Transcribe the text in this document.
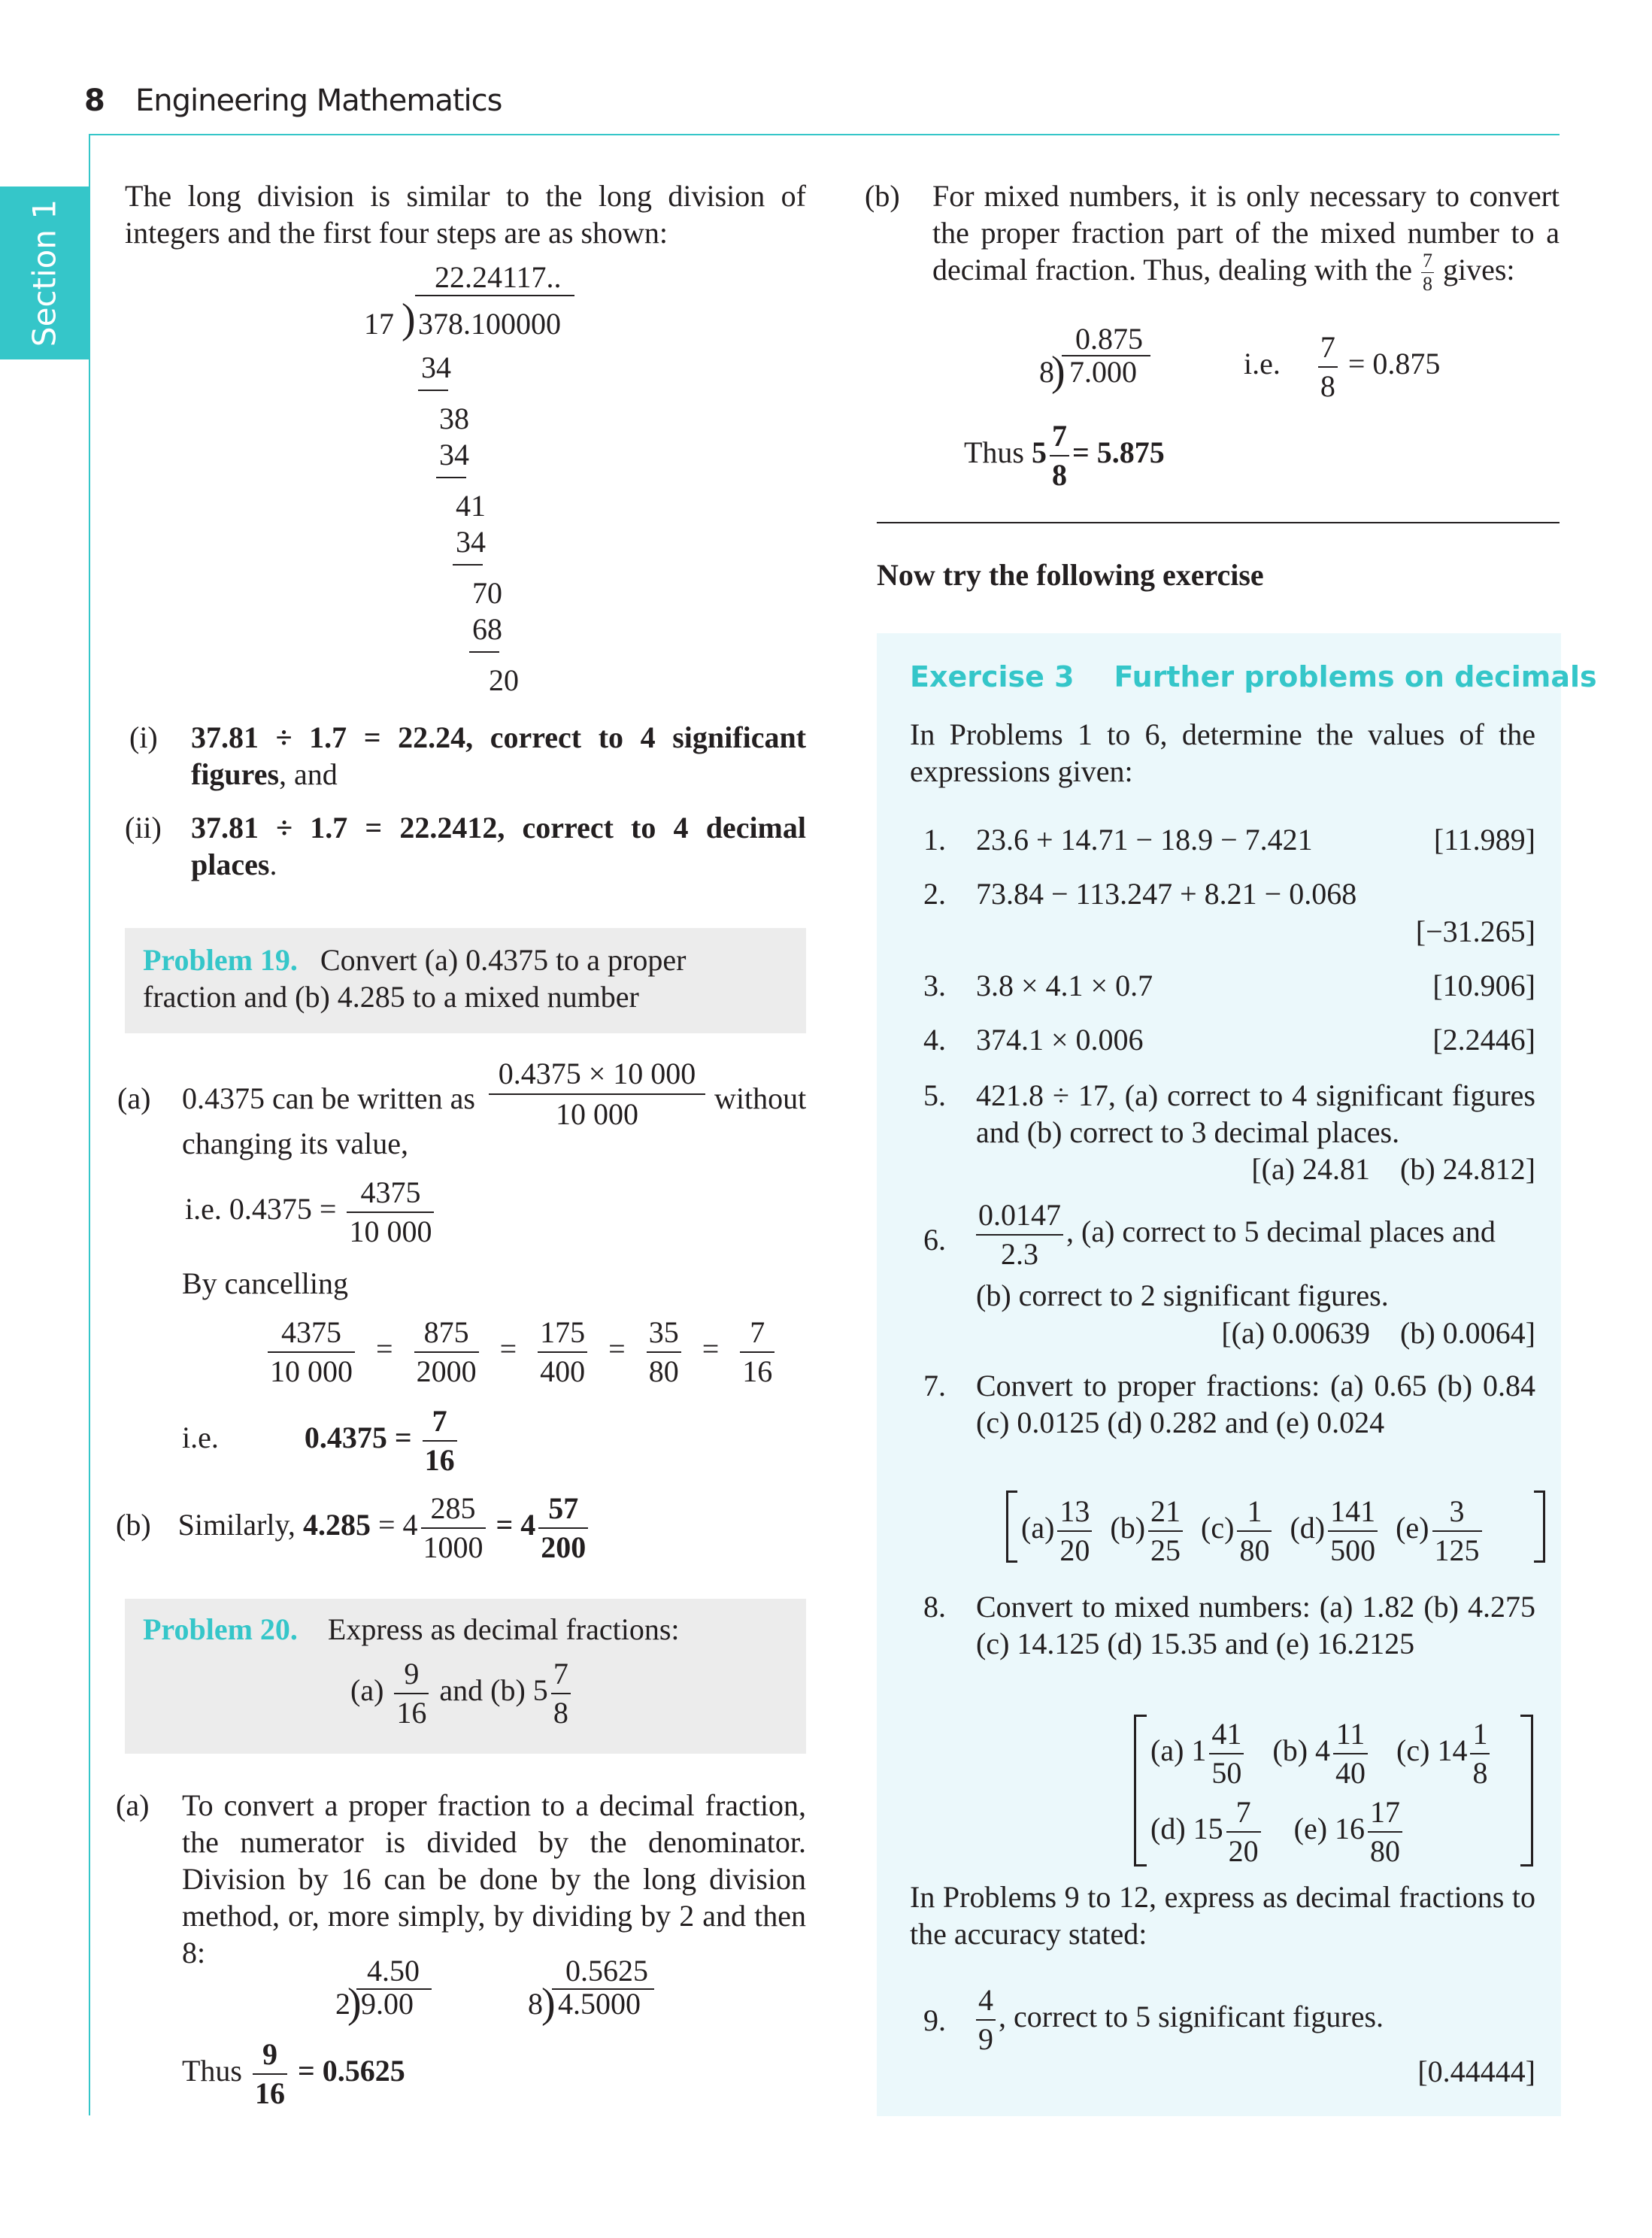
8 Engineering Mathematics
Section 1
The long division is similar to the long division of integers and the first four steps are as shown:
22.24117..
17 ) 378.100000
34
38
34
41
34
70
68
20
(i) 37.81 ÷ 1.7 = 22.24, correct to 4 significant figures, and
(ii) 37.81 ÷ 1.7 = 22.2412, correct to 4 decimal places.
Problem 19. Convert (a) 0.4375 to a proper
fraction and (b) 4.285 to a mixed number
(a) 0.4375 can be written as $\frac{0.4375 \times 10 000}{10 000}$ without
changing its value,
i.e. $0.4375 = \frac{4375}{10 000}$
By cancelling
$\frac{4375}{10 000} = \frac{875}{2000} = \frac{175}{400} = \frac{35}{80} = \frac{7}{16}$
i.e.	$0.4375 = \frac{7}{16}$
(b) Similarly, $4.285 = 4 \frac{285}{1000} = 4 \frac{57}{200}$
Problem 20. Express as decimal fractions:
$(a) \frac{9}{16}$ and (b) $5 \frac{7}{8}$
(a) To convert a proper fraction to a decimal fraction, the numerator is divided by the denominator. Division by 16 can be done by the long division method, or, more simply, by dividing by 2 and then 8:
4.50
2
) 9.00
0.5625
8
) 4.5000
Thus $\frac{9}{16} = 0.5625$
(b) For mixed numbers, it is only necessary to convert the proper fraction part of the mixed number to a decimal fraction. Thus, dealing with the $\frac{7}{8}$ gives:
0.875
8
) 7.000	i.e. $\frac{7}{8} = 0.875$
Thus $5 \frac{7}{8} = 5.875$
Now try the following exercise
Exercise 3    Further problems on decimals
In Problems 1 to 6, determine the values of the expressions given:
1. 23.6 + 14.71 − 18.9 − 7.421	[11.989]
2. 73.84 − 113.247 + 8.21 − 0.068
[−31.265]
3. 3.8 × 4.1 × 0.7	[10.906]
4. 374.1 × 0.006	[2.2446]
5. 421.8 ÷ 17, (a) correct to 4 significant figures and (b) correct to 3 decimal places.
[(a) 24.81    (b) 24.812]
6. $\frac{0.0147}{2.3}$ , (a) correct to 5 decimal places and
(b) correct to 2 significant figures.
[(a) 0.00639    (b) 0.0064]
7. Convert to proper fractions: (a) 0.65 (b) 0.84 (c) 0.0125 (d) 0.282 and (e) 0.024
$(a) \frac{13}{20} (b) \frac{21}{25} (c) \frac{1}{80} (d) \frac{141}{500} (e) \frac{3}{125}$
8. Convert to mixed numbers: (a) 1.82 (b) 4.275 (c) 14.125 (d) 15.35 and (e) 16.2125
(a) $1 \frac{41}{50} (b)$ $4 \frac{11}{40} (c)$ $14 \frac{1}{8}$
(d) $15 \frac{7}{20} (e)$ $16 \frac{17}{80}$
In Problems 9 to 12, express as decimal fractions to the accuracy stated:
9. $\frac{4}{9}$ , correct to 5 significant figures.
[0.44444]
